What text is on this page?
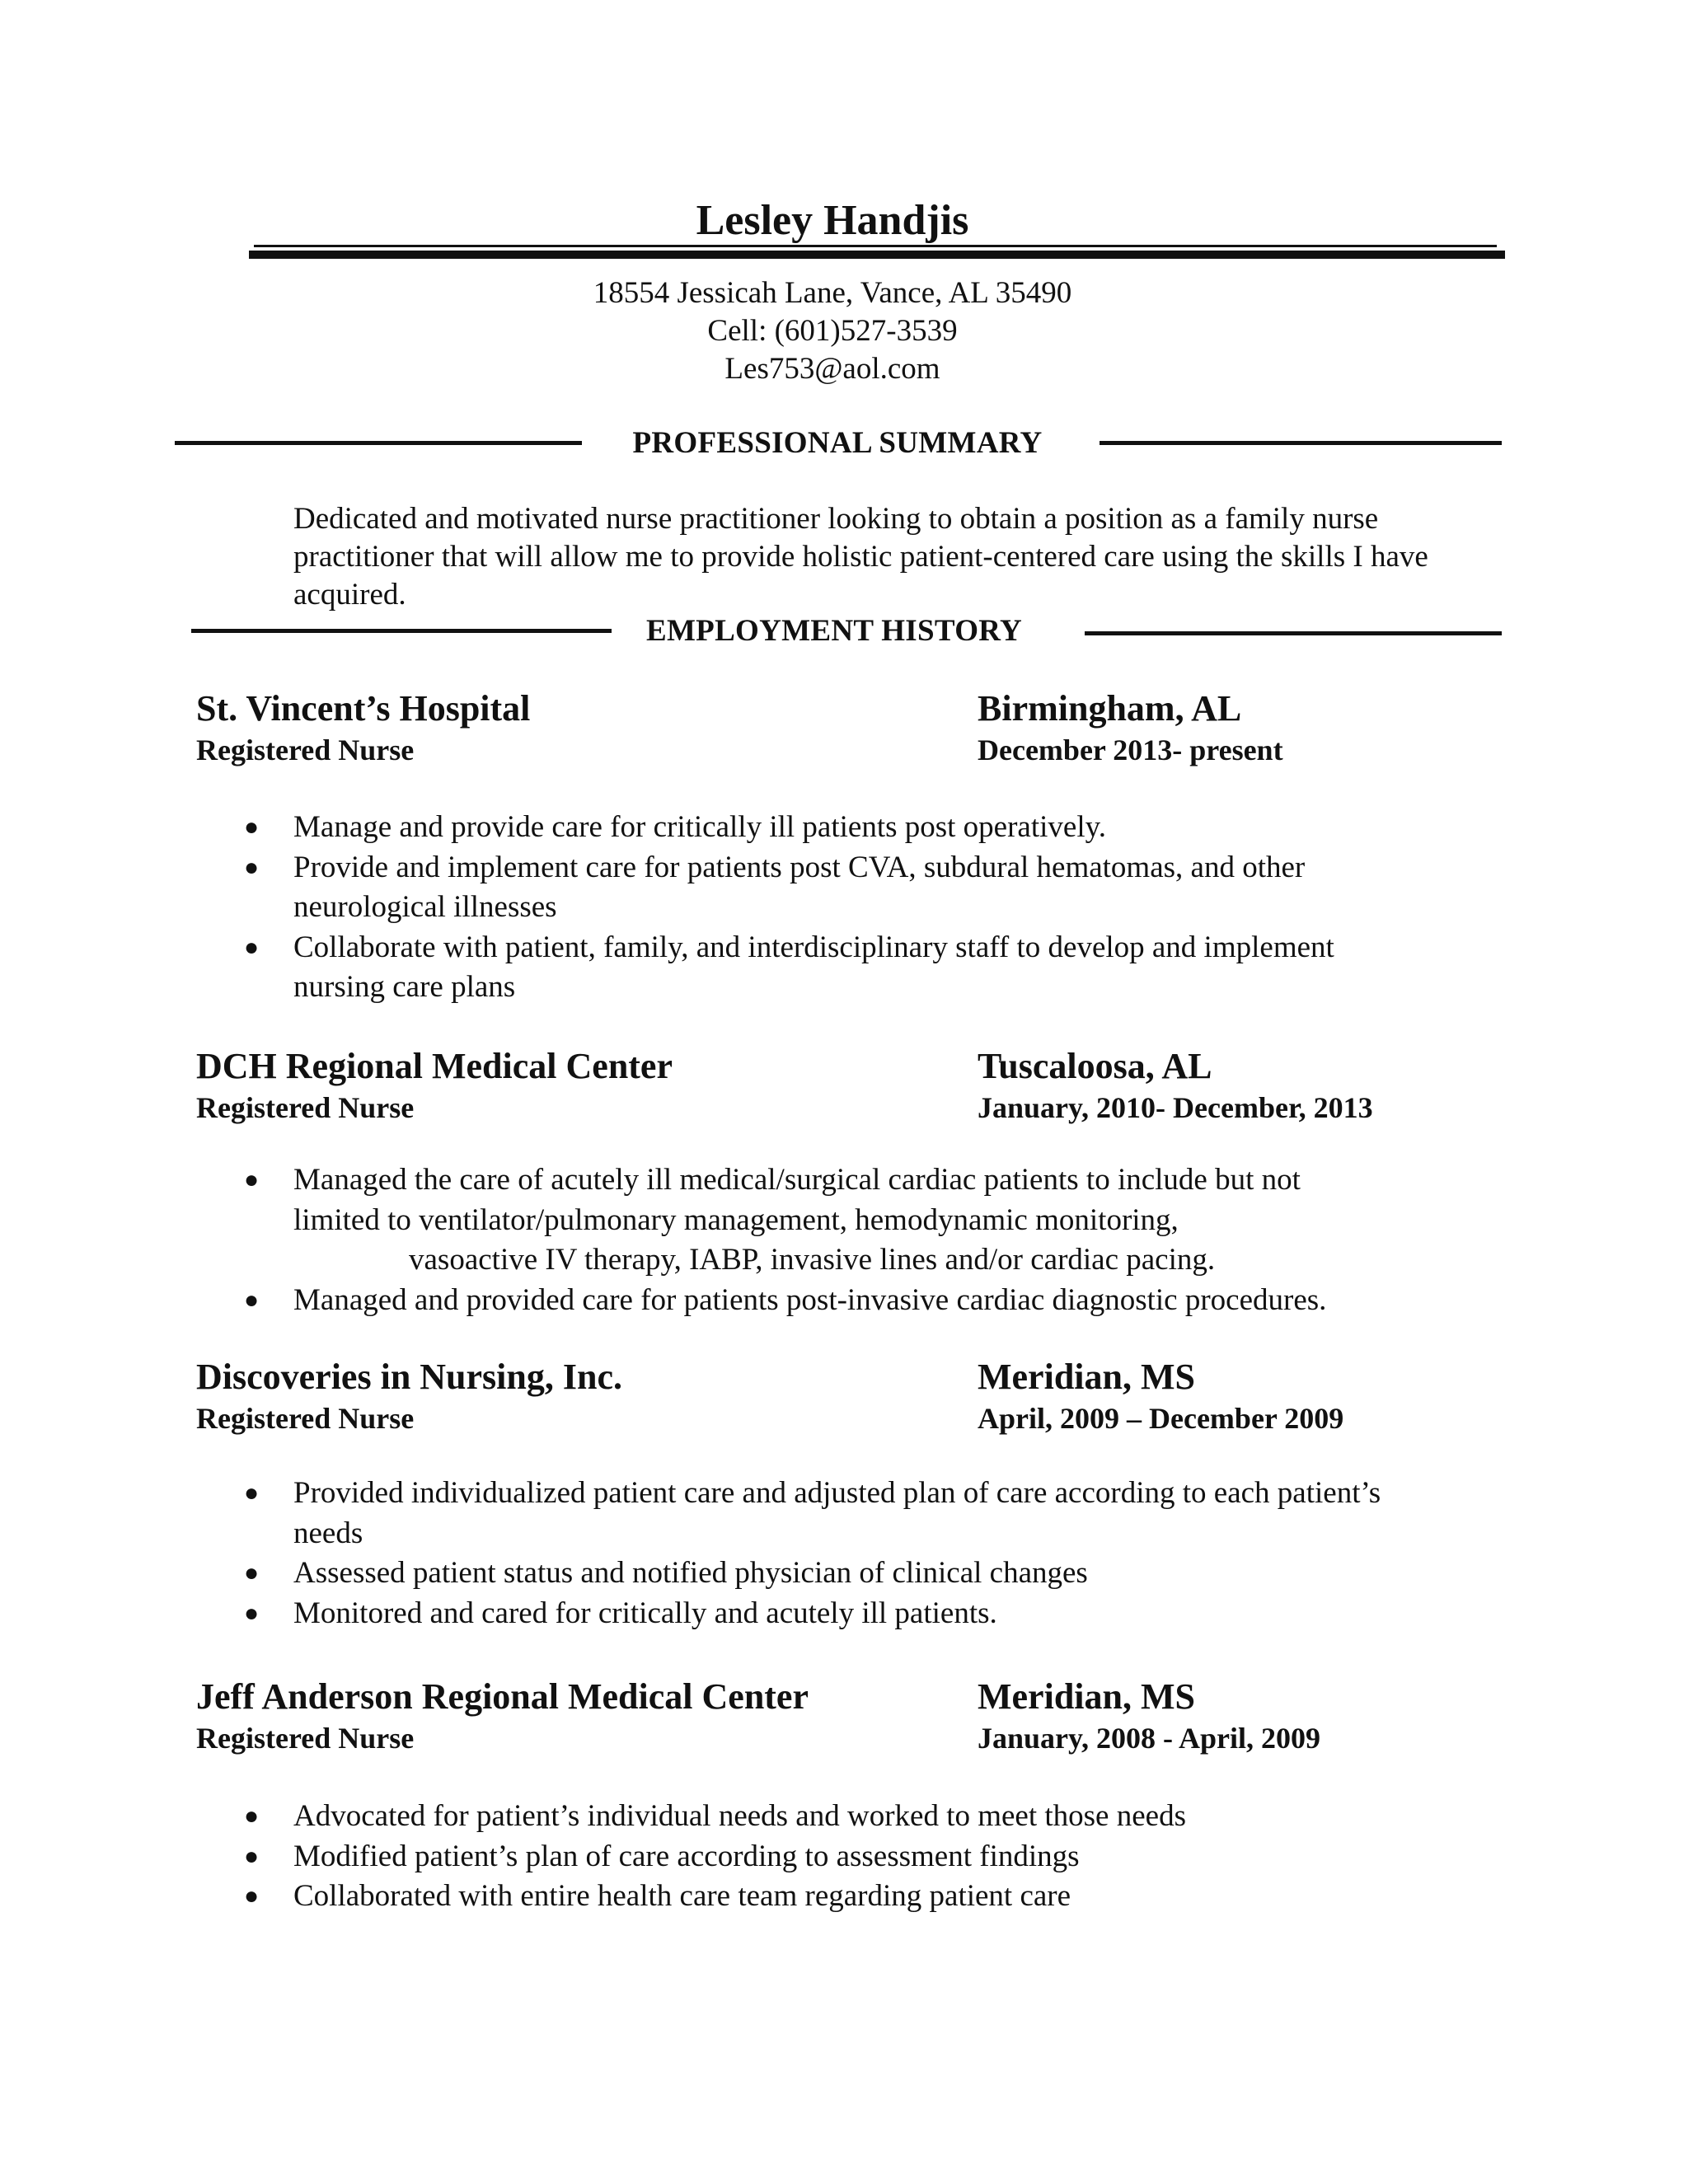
Lesley Handjis
18554 Jessicah Lane, Vance, AL 35490
Cell: (601)527-3539
Les753@aol.com
PROFESSIONAL SUMMARY
Dedicated and motivated nurse practitioner looking to obtain a position as a family nurse practitioner that will allow me to provide holistic patient-centered care using the skills I have acquired.
EMPLOYMENT HISTORY
St. Vincent’s Hospital	Birmingham, AL
Registered Nurse	December 2013- present
● Manage and provide care for critically ill patients post operatively.
● Provide and implement care for patients post CVA, subdural hematomas, and other
neurological illnesses
● Collaborate with patient, family, and interdisciplinary staff to develop and implement
nursing care plans
DCH Regional Medical Center	Tuscaloosa, AL
Registered Nurse	January, 2010- December, 2013
● Managed the care of acutely ill medical/surgical cardiac patients to include but not
limited to ventilator/pulmonary management, hemodynamic monitoring,
vasoactive IV therapy, IABP, invasive lines and/or cardiac pacing.
● Managed and provided care for patients post-invasive cardiac diagnostic procedures.
Discoveries in Nursing, Inc.	Meridian, MS
Registered Nurse	April, 2009 – December 2009
● Provided individualized patient care and adjusted plan of care according to each patient’s
needs
● Assessed patient status and notified physician of clinical changes
● Monitored and cared for critically and acutely ill patients.
Jeff Anderson Regional Medical Center	Meridian, MS
Registered Nurse	January, 2008 - April, 2009
● Advocated for patient’s individual needs and worked to meet those needs
● Modified patient’s plan of care according to assessment findings
● Collaborated with entire health care team regarding patient care
